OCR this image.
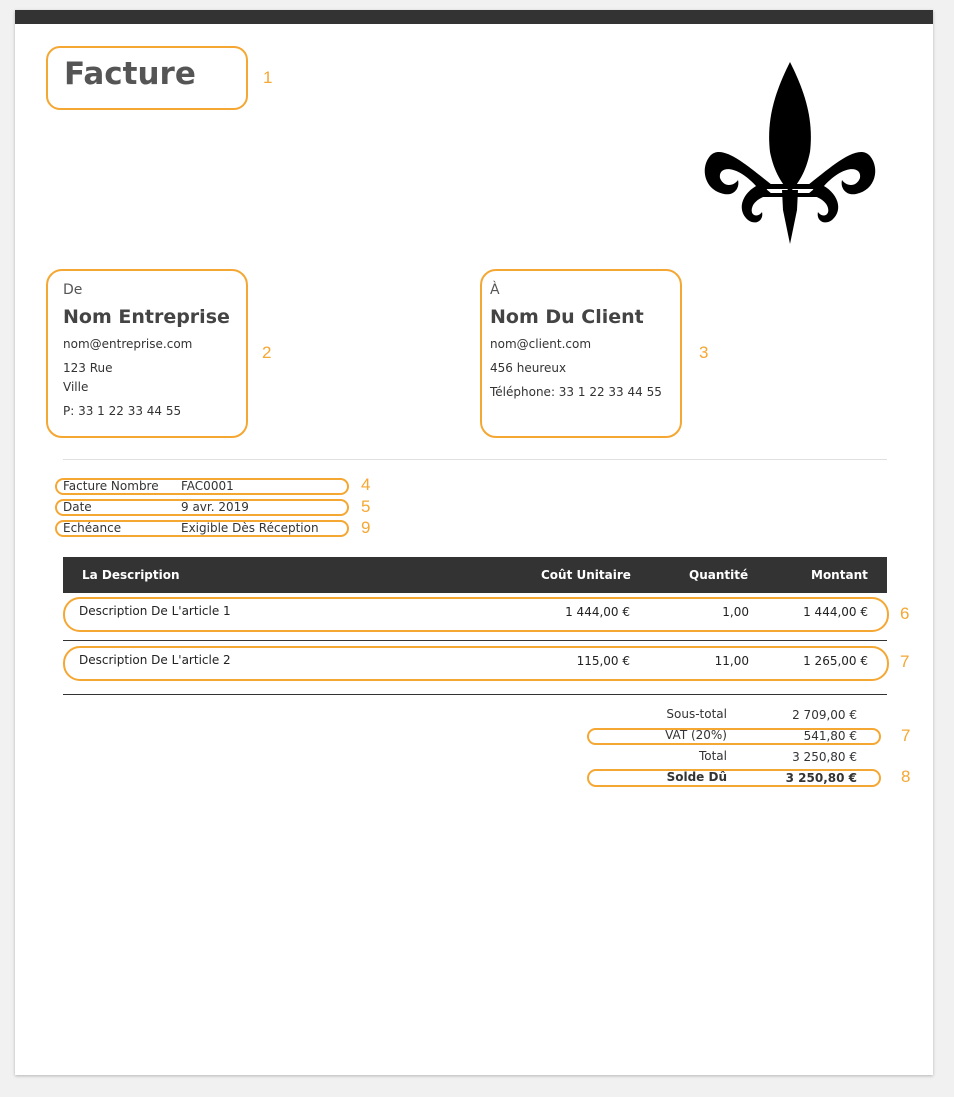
Facture	1
De
Nom Entreprise
nom@entreprise.com
123 Rue
Ville
P: 33 1 22 33 44 55
2
À
Nom Du Client
nom@client.com
456 heureux
Téléphone: 33 1 22 33 44 55
3
Facture Nombre FAC0001	4
Date	9 avr. 2019	5
Échéance	Exigible Dès Réception 9
La Description	Coût Unitaire	Quantité	Montant
Description De L'article 1	1 444,00 €	1,00	1 444,00 € 6
Description De L'article 2	115,00 €	11,00	1 265,00 € 7
Sous-total	2 709,00 €
VAT (20%)	541,80 €	7
Total	3 250,80 €
Solde Dû	3 250,80 €	8
